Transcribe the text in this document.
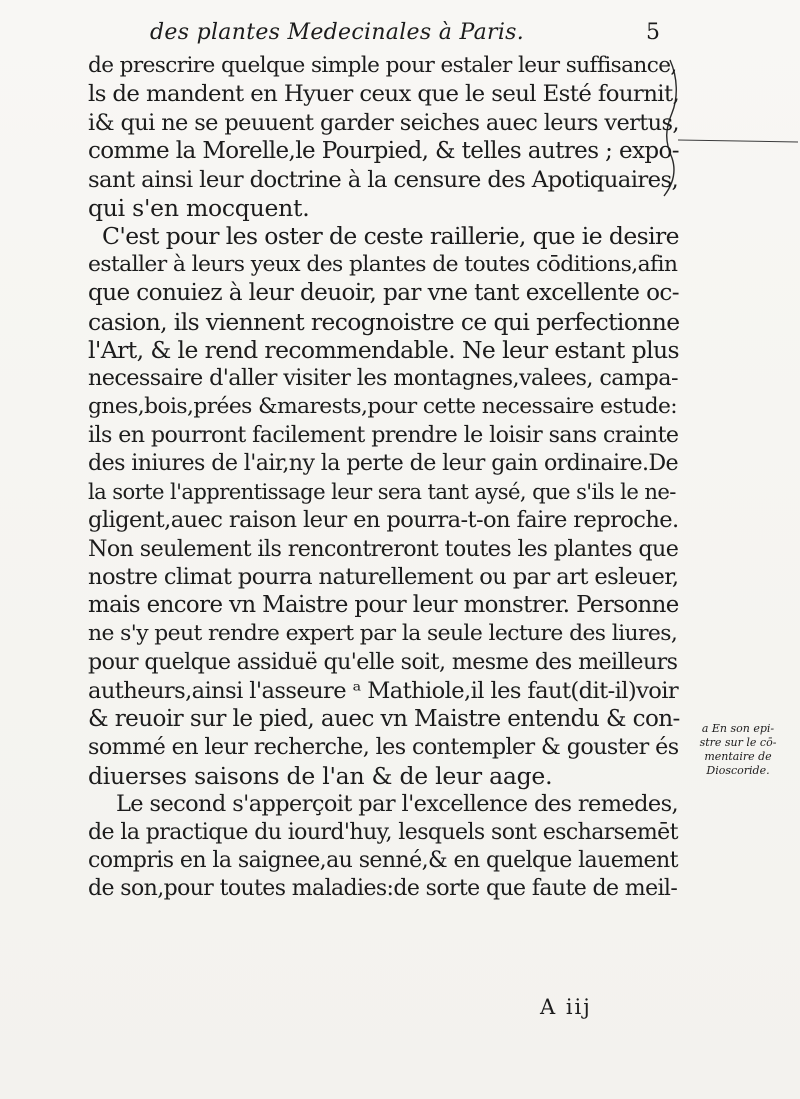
des plantes Medecinales à Paris.	5
de prescrire quelque simple pour estaler leur suffisance,
ls de mandent en Hyuer ceux que le seul Esté fournit,
i& qui ne se peuuent garder seiches auec leurs vertus,
comme la Morelle,le Pourpied, & telles autres ; expo-
sant ainsi leur doctrine à la censure des Apotiquaires,
qui s'en mocquent.
C'est pour les oster de ceste raillerie, que ie desire
estaller à leurs yeux des plantes de toutes cōditions,afin
que conuiez à leur deuoir, par vne tant excellente oc-
casion, ils viennent recognoistre ce qui perfectionne
l'Art, & le rend recommendable. Ne leur estant plus
necessaire d'aller visiter les montagnes,valees, campa-
gnes,bois,prées &marests,pour cette necessaire estude:
ils en pourront facilement prendre le loisir sans crainte
des iniures de l'air,ny la perte de leur gain ordinaire.De
la sorte l'apprentissage leur sera tant aysé, que s'ils le ne-
gligent,auec raison leur en pourra-t-on faire reproche.
Non seulement ils rencontreront toutes les plantes que
nostre climat pourra naturellement ou par art esleuer,
mais encore vn Maistre pour leur monstrer. Personne
ne s'y peut rendre expert par la seule lecture des liures,
pour quelque assiduë qu'elle soit, mesme des meilleurs
autheurs,ainsi l'asseure ᵃ Mathiole,il les faut(dit-il)voir
& reuoir sur le pied, auec vn Maistre entendu & con-
sommé en leur recherche, les contempler & gouster és
diuerses saisons de l'an & de leur aage.
Le second s'apperçoit par l'excellence des remedes,
de la practique du iourd'huy, lesquels sont escharsemēt
compris en la saignee,au senné,& en quelque lauement
de son,pour toutes maladies:de sorte que faute de meil-
a En son epi-
stre sur le cō-
mentaire de
Dioscoride.
A iij
